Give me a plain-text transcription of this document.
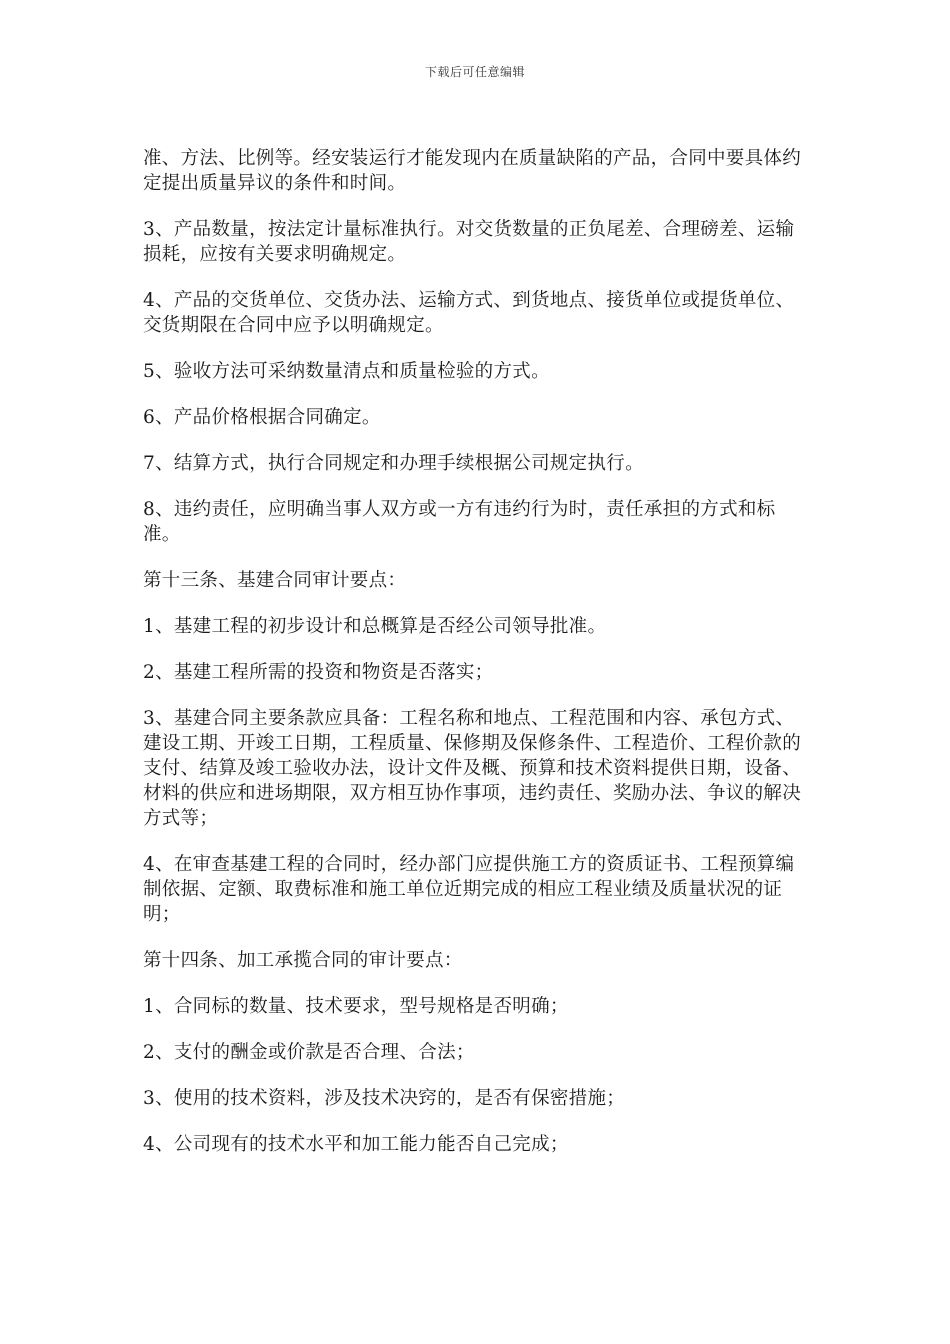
下载后可任意编辑

准、方法、比例等。经安装运行才能发现内在质量缺陷的产品，合同中要具体约定提出质量异议的条件和时间。

3、产品数量，按法定计量标准执行。对交货数量的正负尾差、合理磅差、运输损耗，应按有关要求明确规定。

4、产品的交货单位、交货办法、运输方式、到货地点、接货单位或提货单位、交货期限在合同中应予以明确规定。

5、验收方法可采纳数量清点和质量检验的方式。

6、产品价格根据合同确定。

7、结算方式，执行合同规定和办理手续根据公司规定执行。

8、违约责任，应明确当事人双方或一方有违约行为时，责任承担的方式和标准。

第十三条、基建合同审计要点：

1、基建工程的初步设计和总概算是否经公司领导批准。

2、基建工程所需的投资和物资是否落实；

3、基建合同主要条款应具备：工程名称和地点、工程范围和内容、承包方式、建设工期、开竣工日期，工程质量、保修期及保修条件、工程造价、工程价款的支付、结算及竣工验收办法，设计文件及概、预算和技术资料提供日期，设备、材料的供应和进场期限，双方相互协作事项，违约责任、奖励办法、争议的解决方式等；

4、在审查基建工程的合同时，经办部门应提供施工方的资质证书、工程预算编制依据、定额、取费标准和施工单位近期完成的相应工程业绩及质量状况的证明；

第十四条、加工承揽合同的审计要点：

1、合同标的数量、技术要求，型号规格是否明确；

2、支付的酬金或价款是否合理、合法；

3、使用的技术资料，涉及技术决窍的，是否有保密措施；

4、公司现有的技术水平和加工能力能否自己完成；
